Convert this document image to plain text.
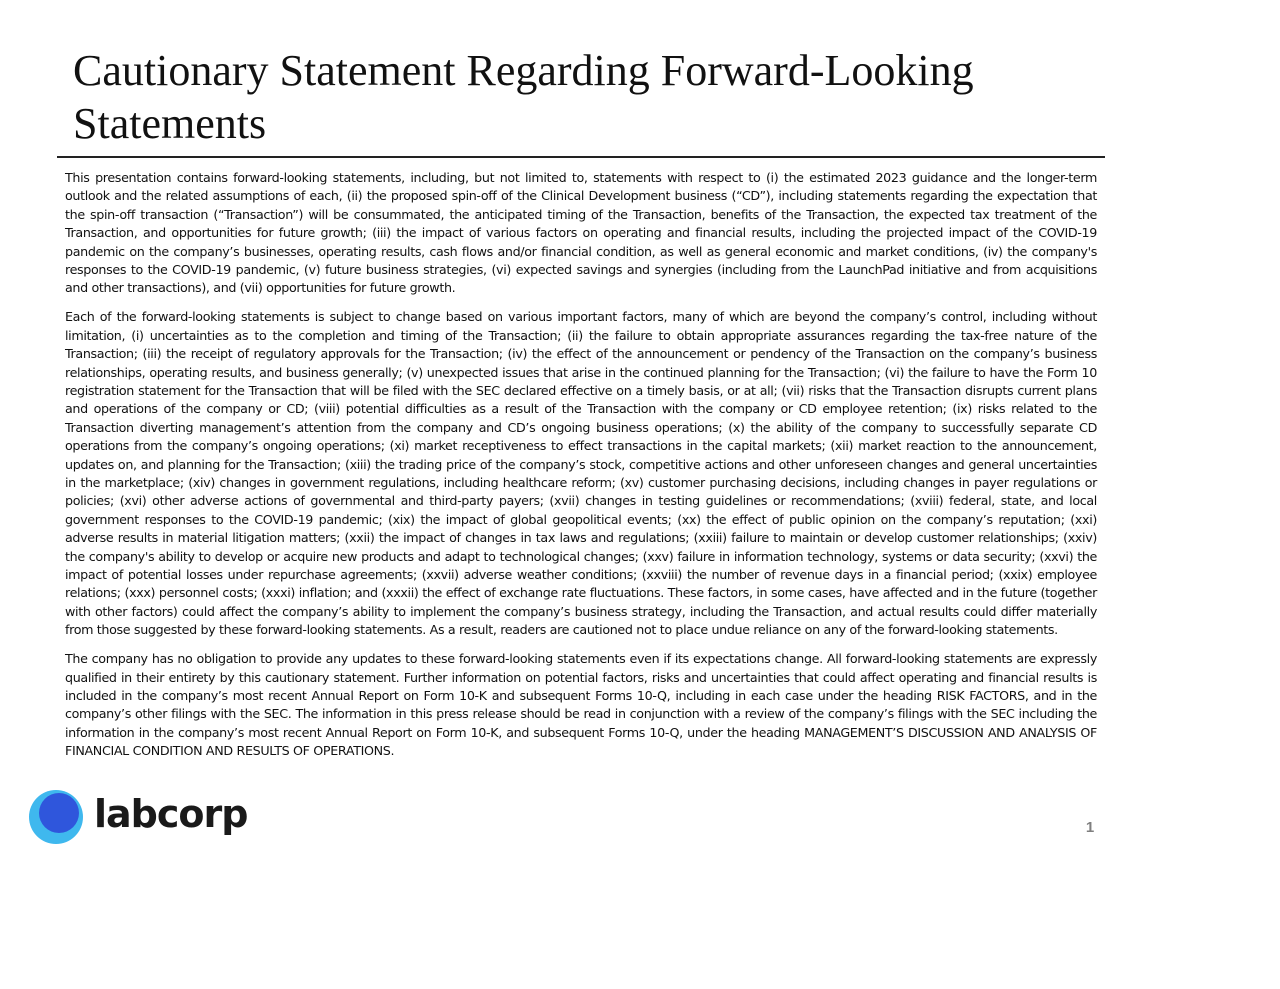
Cautionary Statement Regarding Forward-Looking Statements

This presentation contains forward-looking statements, including, but not limited to, statements with respect to (i) the estimated 2023 guidance and the longer-term outlook and the related assumptions of each, (ii) the proposed spin-off of the Clinical Development business (“CD”), including statements regarding the expectation that the spin-off transaction (“Transaction”) will be consummated, the anticipated timing of the Transaction, benefits of the Transaction, the expected tax treatment of the Transaction, and opportunities for future growth; (iii) the impact of various factors on operating and financial results, including the projected impact of the COVID-19 pandemic on the company’s businesses, operating results, cash flows and/or financial condition, as well as general economic and market conditions, (iv) the company's responses to the COVID-19 pandemic, (v) future business strategies, (vi) expected savings and synergies (including from the LaunchPad initiative and from acquisitions and other transactions), and (vii) opportunities for future growth.

Each of the forward-looking statements is subject to change based on various important factors, many of which are beyond the company’s control, including without limitation, (i) uncertainties as to the completion and timing of the Transaction; (ii) the failure to obtain appropriate assurances regarding the tax-free nature of the Transaction; (iii) the receipt of regulatory approvals for the Transaction; (iv) the effect of the announcement or pendency of the Transaction on the company’s business relationships, operating results, and business generally; (v) unexpected issues that arise in the continued planning for the Transaction; (vi) the failure to have the Form 10 registration statement for the Transaction that will be filed with the SEC declared effective on a timely basis, or at all; (vii) risks that the Transaction disrupts current plans and operations of the company or CD; (viii) potential difficulties as a result of the Transaction with the company or CD employee retention; (ix) risks related to the Transaction diverting management’s attention from the company and CD’s ongoing business operations; (x) the ability of the company to successfully separate CD operations from the company’s ongoing operations; (xi) market receptiveness to effect transactions in the capital markets; (xii) market reaction to the announcement, updates on, and planning for the Transaction; (xiii) the trading price of the company’s stock, competitive actions and other unforeseen changes and general uncertainties in the marketplace; (xiv) changes in government regulations, including healthcare reform; (xv) customer purchasing decisions, including changes in payer regulations or policies; (xvi) other adverse actions of governmental and third-party payers; (xvii) changes in testing guidelines or recommendations; (xviii) federal, state, and local government responses to the COVID-19 pandemic; (xix) the impact of global geopolitical events; (xx) the effect of public opinion on the company’s reputation; (xxi) adverse results in material litigation matters; (xxii) the impact of changes in tax laws and regulations; (xxiii) failure to maintain or develop customer relationships; (xxiv) the company's ability to develop or acquire new products and adapt to technological changes; (xxv) failure in information technology, systems or data security; (xxvi) the impact of potential losses under repurchase agreements; (xxvii) adverse weather conditions; (xxviii) the number of revenue days in a financial period; (xxix) employee relations; (xxx) personnel costs; (xxxi) inflation; and (xxxii) the effect of exchange rate fluctuations. These factors, in some cases, have affected and in the future (together with other factors) could affect the company’s ability to implement the company’s business strategy, including the Transaction, and actual results could differ materially from those suggested by these forward-looking statements. As a result, readers are cautioned not to place undue reliance on any of the forward-looking statements.

The company has no obligation to provide any updates to these forward-looking statements even if its expectations change. All forward-looking statements are expressly qualified in their entirety by this cautionary statement. Further information on potential factors, risks and uncertainties that could affect operating and financial results is included in the company’s most recent Annual Report on Form 10-K and subsequent Forms 10-Q, including in each case under the heading RISK FACTORS, and in the company’s other filings with the SEC. The information in this press release should be read in conjunction with a review of the company’s filings with the SEC including the information in the company’s most recent Annual Report on Form 10-K, and subsequent Forms 10-Q, under the heading MANAGEMENT’S DISCUSSION AND ANALYSIS OF FINANCIAL CONDITION AND RESULTS OF OPERATIONS.

labcorp	1
